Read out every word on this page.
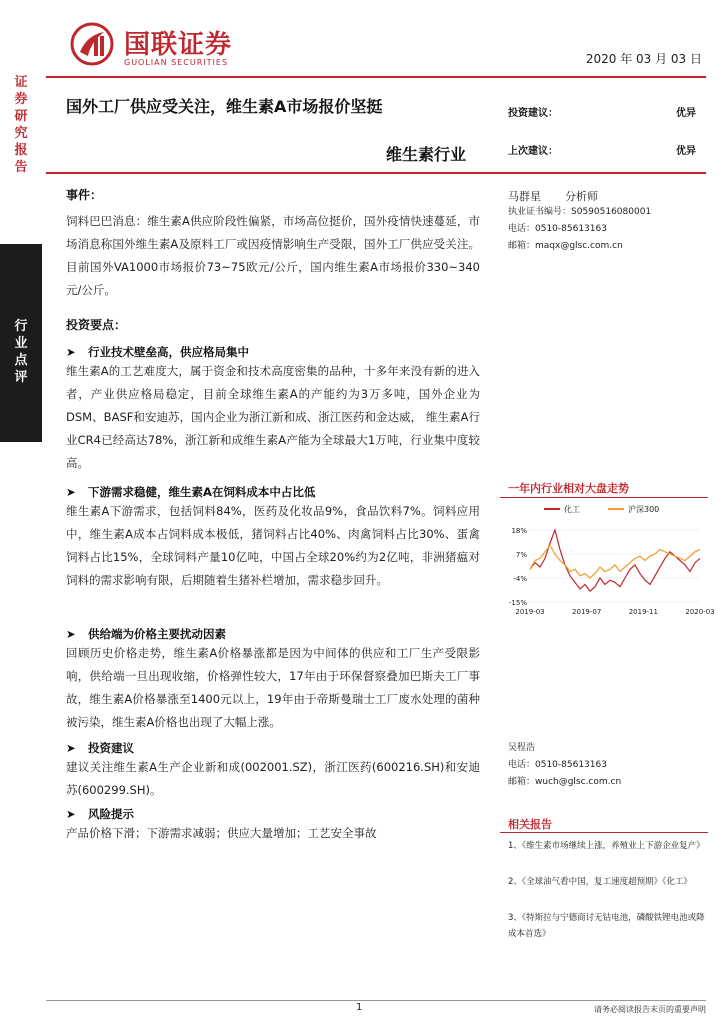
证券研究报告
行业点评
国联证券
GUOLIAN SECURITIES	2020 年 03 月 03 日
国外工厂供应受关注，维生素A市场报价坚挺
维生素行业
投资建议：	优异
上次建议：	优异
事件：
饲料巴巴消息：维生素A供应阶段性偏紧，市场高位挺价，国外疫情快速蔓延，市场消息称国外维生素A及原料工厂或因疫情影响生产受限，国外工厂供应受关注。目前国外VA1000市场报价73~75欧元/公斤，国内维生素A市场报价330~340元/公斤。
投资要点：
➤ 行业技术壁垒高，供应格局集中
维生素A的工艺难度大，属于资金和技术高度密集的品种，十多年来没有新的进入者，产业供应格局稳定，目前全球维生素A的产能约为3万多吨，国外企业为DSM、BASF和安迪苏，国内企业为浙江新和成、浙江医药和金达威， 维生素A行业CR4已经高达78%，浙江新和成维生素A产能为全球最大1万吨，行业集中度较高。
➤ 下游需求稳健，维生素A在饲料成本中占比低
维生素A下游需求，包括饲料84%，医药及化妆品9%，食品饮料7%。饲料应用中，维生素A成本占饲料成本极低，猪饲料占比40%、肉禽饲料占比30%、蛋禽饲料占比15%，全球饲料产量10亿吨，中国占全球20%约为2亿吨，非洲猪瘟对饲料的需求影响有限，后期随着生猪补栏增加，需求稳步回升。
➤ 供给端为价格主要扰动因素
回顾历史价格走势，维生素A价格暴涨都是因为中间体的供应和工厂生产受限影响，供给端一旦出现收缩，价格弹性较大，17年由于环保督察叠加巴斯夫工厂事故，维生素A价格暴涨至1400元以上，19年由于帝斯曼瑞士工厂废水处理的菌种被污染，维生素A价格也出现了大幅上涨。
➤ 投资建议
建议关注维生素A生产企业新和成(002001.SZ)，浙江医药(600216.SH)和安迪苏(600299.SH)。
➤ 风险提示
产品价格下滑；下游需求减弱；供应大量增加；工艺安全事故
马群星 分析师
执业证书编号：S0590516080001
电话：0510-85613163
邮箱：maqx@glsc.com.cn
一年内行业相对大盘走势
化工	沪深300
18%
7%
-4%
-15%
2019-03	2019-07	2019-11	2020-03
吴程浩
电话：0510-85613163
邮箱：wuch@glsc.com.cn
相关报告
1、《维生素市场继续上涨，养殖业上下游企业复产》
2、《全球油气看中国，复工速度超预期》《化工》
3、《特斯拉与宁德商讨无钴电池，磷酸铁锂电池或降成本首选》
1	请务必阅读报告末页的重要声明
